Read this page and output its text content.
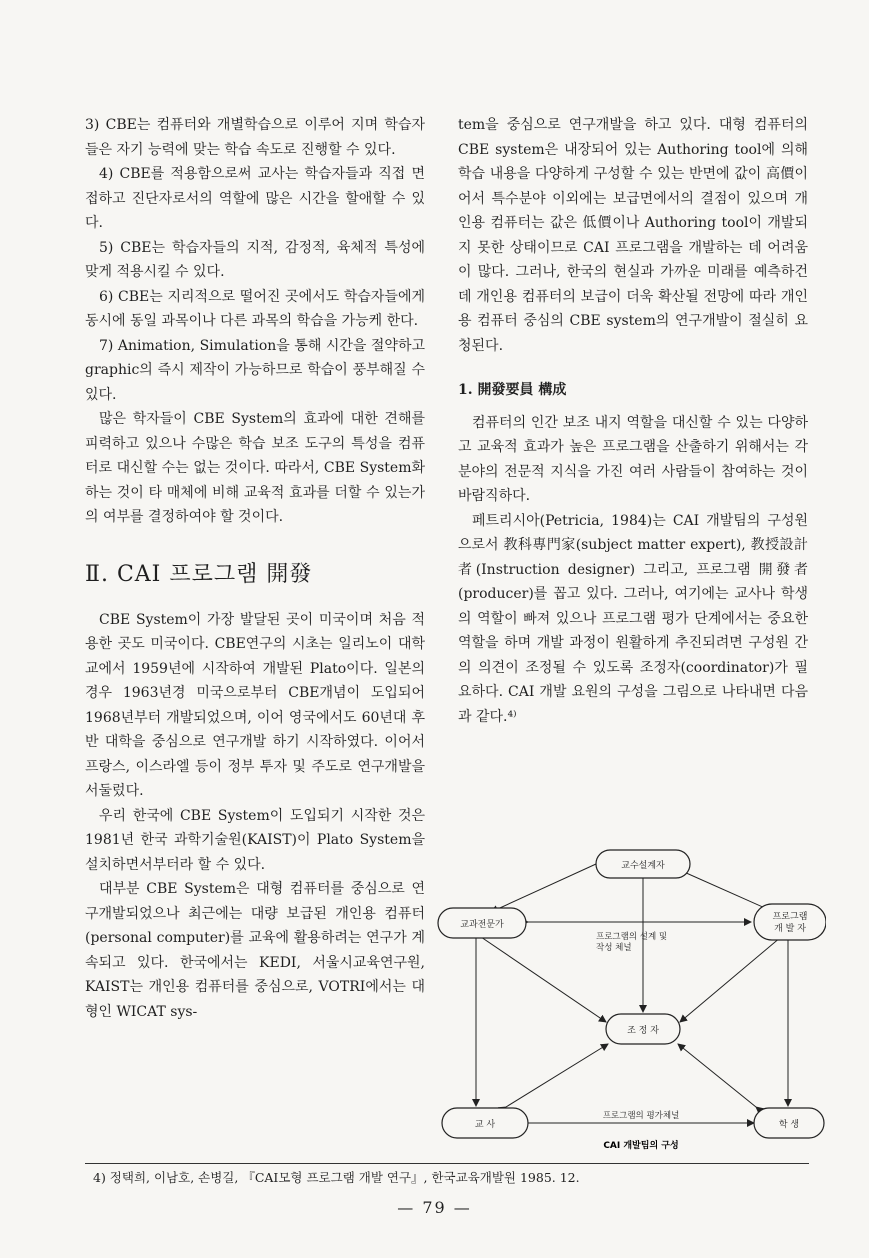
3) CBE는 컴퓨터와 개별학습으로 이루어 지며 학습자들은 자기 능력에 맞는 학습 속도로 진행할 수 있다.

4) CBE를 적용함으로써 교사는 학습자들과 직접 면접하고 진단자로서의 역할에 많은 시간을 할애할 수 있다.

5) CBE는 학습자들의 지적, 감정적, 육체적 특성에 맞게 적용시킬 수 있다.

6) CBE는 지리적으로 떨어진 곳에서도 학습자들에게 동시에 동일 과목이나 다른 과목의 학습을 가능케 한다.

7) Animation, Simulation을 통해 시간을 절약하고 graphic의 즉시 제작이 가능하므로 학습이 풍부해질 수 있다.

많은 학자들이 CBE System의 효과에 대한 견해를 피력하고 있으나 수많은 학습 보조 도구의 특성을 컴퓨터로 대신할 수는 없는 것이다. 따라서, CBE System화하는 것이 타 매체에 비해 교육적 효과를 더할 수 있는가의 여부를 결정하여야 할 것이다.

Ⅱ. CAI 프로그램 開發

CBE System이 가장 발달된 곳이 미국이며 처음 적용한 곳도 미국이다. CBE연구의 시초는 일리노이 대학교에서 1959년에 시작하여 개발된 Plato이다. 일본의 경우 1963년경 미국으로부터 CBE개념이 도입되어 1968년부터 개발되었으며, 이어 영국에서도 60년대 후반 대학을 중심으로 연구개발 하기 시작하였다. 이어서 프랑스, 이스라엘 등이 정부 투자 및 주도로 연구개발을 서둘렀다.

우리 한국에 CBE System이 도입되기 시작한 것은 1981년 한국 과학기술원(KAIST)이 Plato System을 설치하면서부터라 할 수 있다.

대부분 CBE System은 대형 컴퓨터를 중심으로 연구개발되었으나 최근에는 대량 보급된 개인용 컴퓨터(personal computer)를 교육에 활용하려는 연구가 계속되고 있다. 한국에서는 KEDI, 서울시교육연구원, KAIST는 개인용 컴퓨터를 중심으로, VOTRI에서는 대형인 WICAT sys-

tem을 중심으로 연구개발을 하고 있다. 대형 컴퓨터의 CBE system은 내장되어 있는 Authoring tool에 의해 학습 내용을 다양하게 구성할 수 있는 반면에 값이 高價이어서 특수분야 이외에는 보급면에서의 결점이 있으며 개인용 컴퓨터는 값은 低價이나 Authoring tool이 개발되지 못한 상태이므로 CAI 프로그램을 개발하는 데 어려움이 많다. 그러나, 한국의 현실과 가까운 미래를 예측하건데 개인용 컴퓨터의 보급이 더욱 확산될 전망에 따라 개인용 컴퓨터 중심의 CBE system의 연구개발이 절실히 요청된다.

1. 開發要員 構成

컴퓨터의 인간 보조 내지 역할을 대신할 수 있는 다양하고 교육적 효과가 높은 프로그램을 산출하기 위해서는 각 분야의 전문적 지식을 가진 여러 사람들이 참여하는 것이 바람직하다.

페트리시아(Petricia, 1984)는 CAI 개발팀의 구성원으로서 教科專門家(subject matter expert), 教授設計者(Instruction designer) 그리고, 프로그램 開發者(producer)를 꼽고 있다. 그러나, 여기에는 교사나 학생의 역할이 빠져 있으나 프로그램 평가 단계에서는 중요한 역할을 하며 개발 과정이 원활하게 추진되려면 구성원 간의 의견이 조정될 수 있도록 조정자(coordinator)가 필요하다. CAI 개발 요원의 구성을 그림으로 나타내면 다음과 같다.⁴⁾

교수설계자
교과전문가
프로그램
개 발 자
조 정 자
교 사	학 생
프로그램의 설계 및
작성 체널
프로그램의 평가체널
CAI 개발팀의 구성
4) 정택희, 이남호, 손병길, 『CAI모형 프로그램 개발 연구』, 한국교육개발원 1985. 12.
— 79 —
